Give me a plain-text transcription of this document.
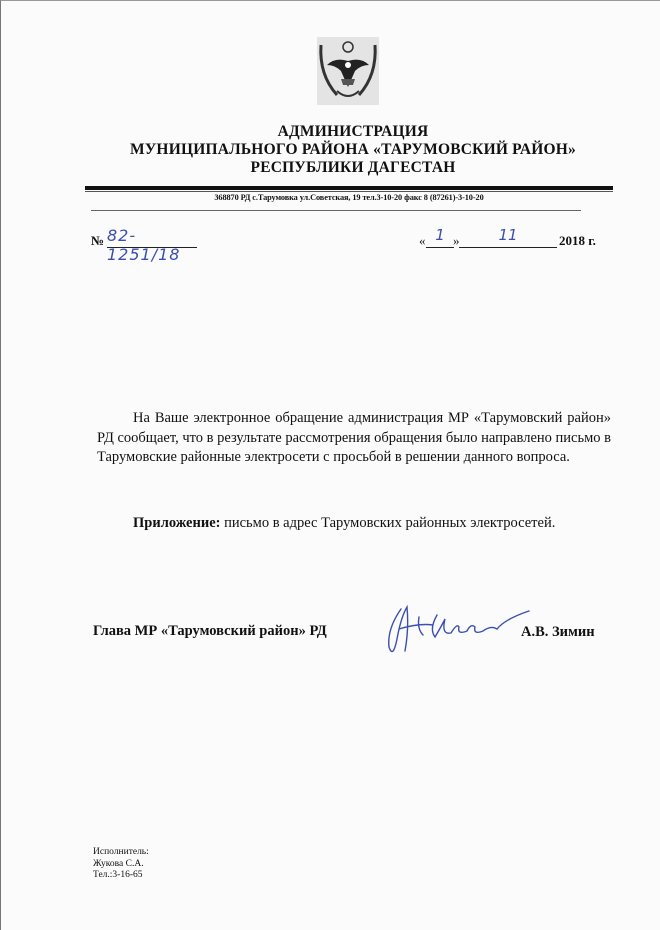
АДМИНИСТРАЦИЯ
МУНИЦИПАЛЬНОГО РАЙОНА «ТАРУМОВСКИЙ РАЙОН»
РЕСПУБЛИКИ ДАГЕСТАН
368870 РД с.Тарумовка ул.Советская, 19 тел.3-10-20 факс 8 (87261)-3-10-20
№ 82-1251/18
« 1 »	11	2018 г.
На Ваше электронное обращение администрация МР «Тарумовский район» РД сообщает, что в результате рассмотрения обращения было направлено письмо в Тарумовские районные электросети с просьбой в решении данного вопроса.
Приложение: письмо в адрес Тарумовских районных электросетей.
Глава МР «Тарумовский район» РД	А.В. Зимин
Исполнитель:
Жукова С.А.
Тел.:3-16-65
